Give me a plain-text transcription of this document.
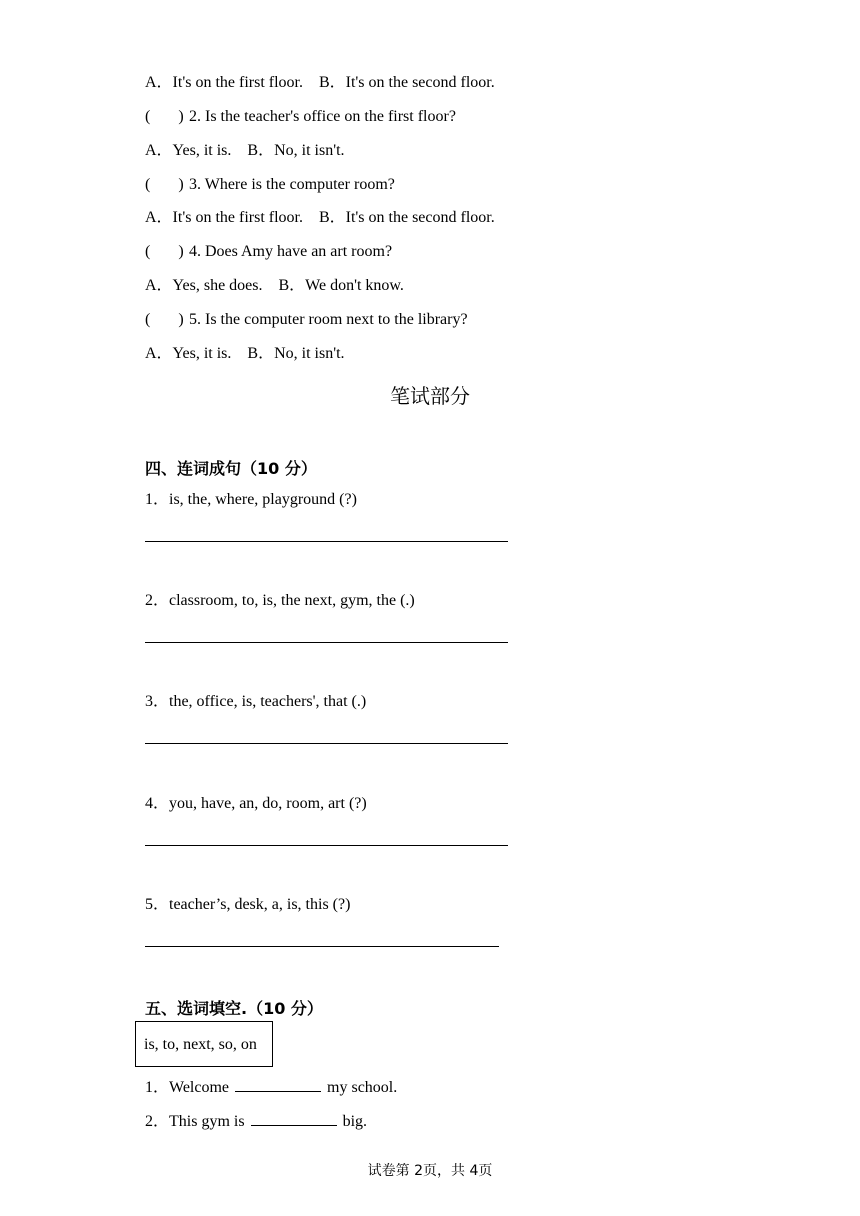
A．It's on the first floor.    B．It's on the second floor.
(       ) 2. Is the teacher's office on the first floor?
A．Yes, it is.    B．No, it isn't.
(       ) 3. Where is the computer room?
A．It's on the first floor.    B．It's on the second floor.
(       ) 4. Does Amy have an art room?
A．Yes, she does.    B．We don't know.
(       ) 5. Is the computer room next to the library?
A．Yes, it is.    B．No, it isn't.
笔试部分
四、连词成句（10 分）
1．is, the, where, playground (?)
2．classroom, to, is, the next, gym, the (.)
3．the, office, is, teachers', that (.)
4．you, have, an, do, room, art (?)
5．teacher’s, desk, a, is, this (?)
五、选词填空.（10 分）
is, to, next, so, on
1．Welcome	my school.
2．This gym is	big.
试卷第 2页，共 4页
